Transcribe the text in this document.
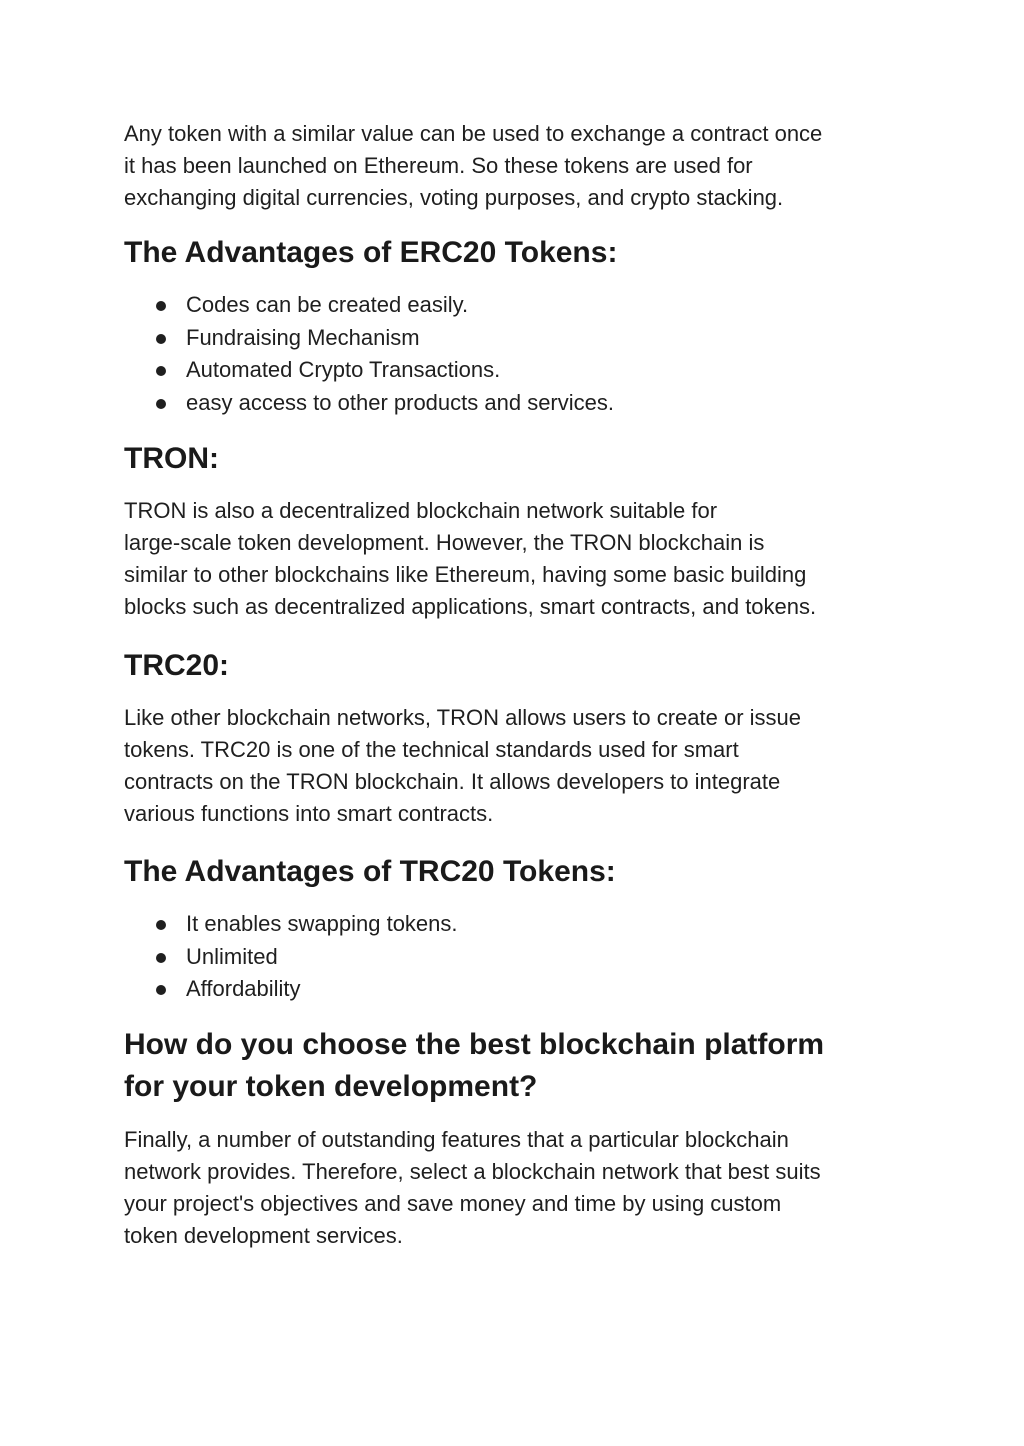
Any token with a similar value can be used to exchange a contract once
it has been launched on Ethereum. So these tokens are used for
exchanging digital currencies, voting purposes, and crypto stacking.

The Advantages of ERC20 Tokens:
Codes can be created easily.
Fundraising Mechanism
Automated Crypto Transactions.
easy access to other products and services.
TRON:

TRON is also a decentralized blockchain network suitable for
large-scale token development. However, the TRON blockchain is
similar to other blockchains like Ethereum, having some basic building
blocks such as decentralized applications, smart contracts, and tokens.

TRC20:

Like other blockchain networks, TRON allows users to create or issue
tokens. TRC20 is one of the technical standards used for smart
contracts on the TRON blockchain. It allows developers to integrate
various functions into smart contracts.

The Advantages of TRC20 Tokens:
It enables swapping tokens.
Unlimited
Affordability
How do you choose the best blockchain platform
for your token development?

Finally, a number of outstanding features that a particular blockchain
network provides. Therefore, select a blockchain network that best suits
your project's objectives and save money and time by using custom
token development services.
